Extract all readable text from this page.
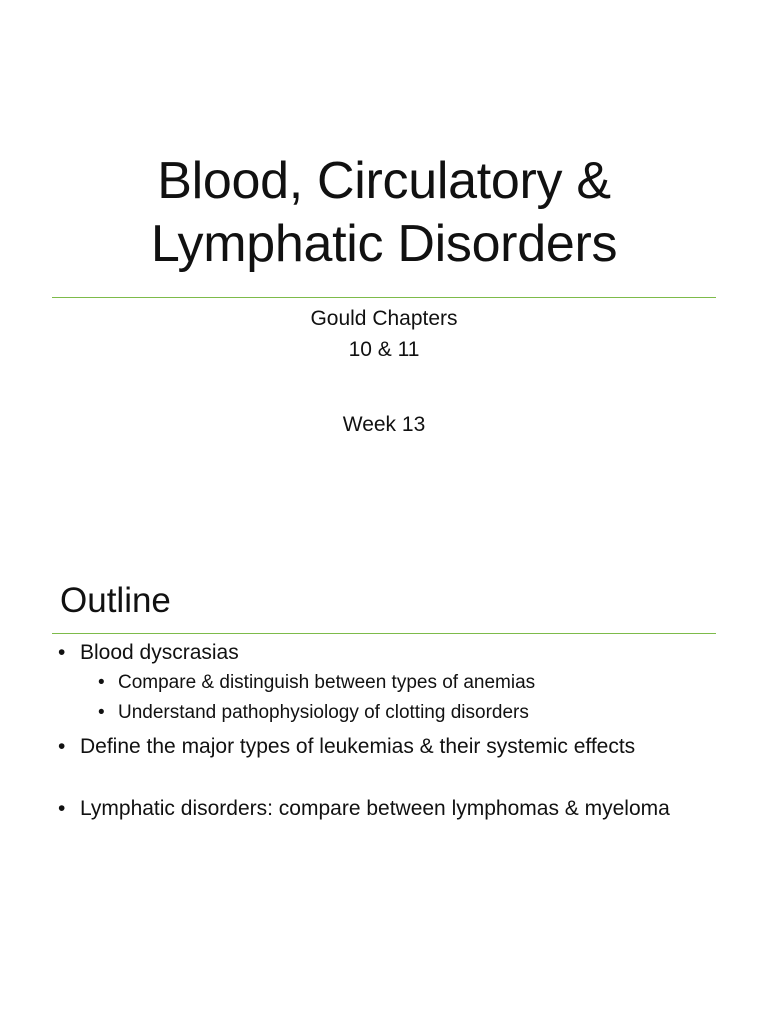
Blood, Circulatory &
Lymphatic Disorders
Gould Chapters
10 & 11
Week 13
Outline
• Blood dyscrasias
• Compare & distinguish between types of anemias
• Understand pathophysiology of clotting disorders
• Define the major types of leukemias & their systemic effects
• Lymphatic disorders: compare between lymphomas & myeloma
